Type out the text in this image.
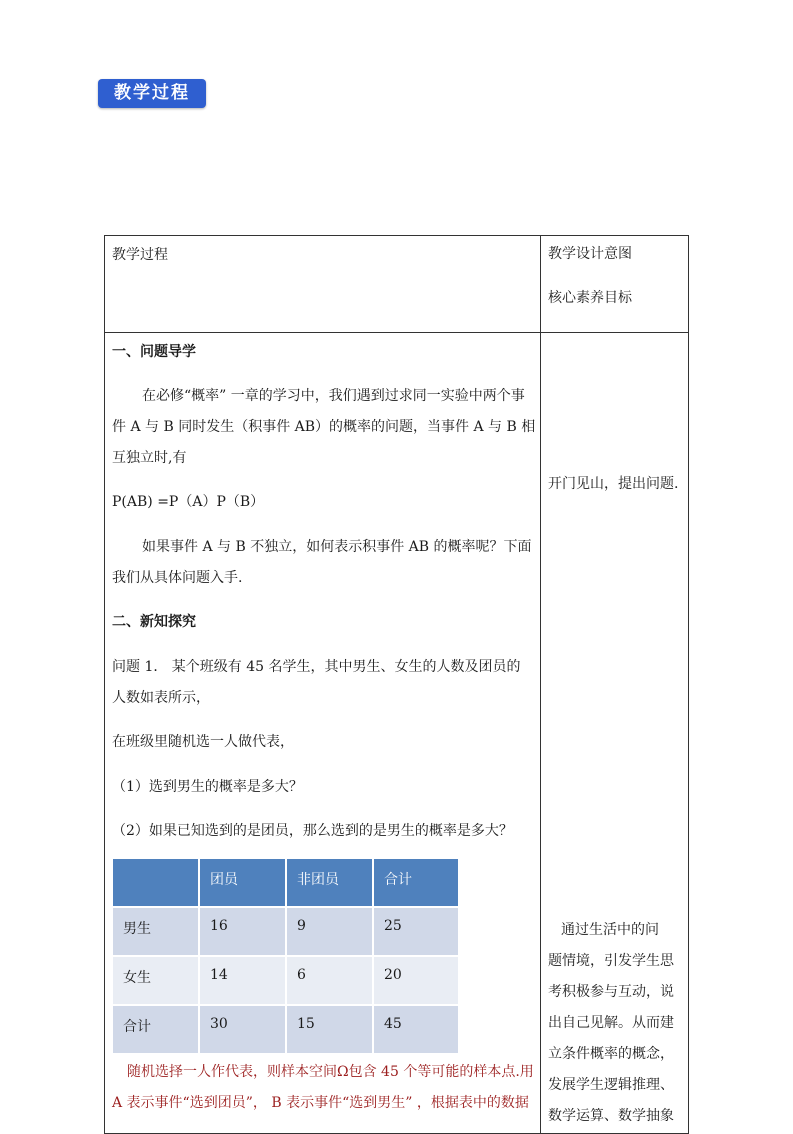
教学过程
教学过程	教学设计意图

核心素养目标

一、问题导学
在必修“概率” 一章的学习中，我们遇到过求同一实验中两个事
件 A 与 B 同时发生（积事件 AB）的概率的问题，当事件 A 与 B 相
互独立时,有
P(AB) =P（A）P（B）
如果事件 A 与 B 不独立，如何表示积事件 AB 的概率呢？下面
我们从具体问题入手.
二、新知探究
问题 1． 某个班级有 45 名学生，其中男生、女生的人数及团员的
人数如表所示，
在班级里随机选一人做代表，
（1）选到男生的概率是多大？
（2）如果已知选到的是团员，那么选到的是男生的概率是多大？
	团员	非团员	合计
男生	16	9	25
女生	14	6	20
合计	30	15	45
随机选择一人作代表，则样本空间Ω包含 45 个等可能的样本点.用
A 表示事件“选到团员”， B 表示事件“选到男生” ，根据表中的数据

开门见山，提出问题.
通过生活中的问
题情境，引发学生思
考积极参与互动，说
出自己见解。从而建
立条件概率的概念，
发展学生逻辑推理、
数学运算、数学抽象
